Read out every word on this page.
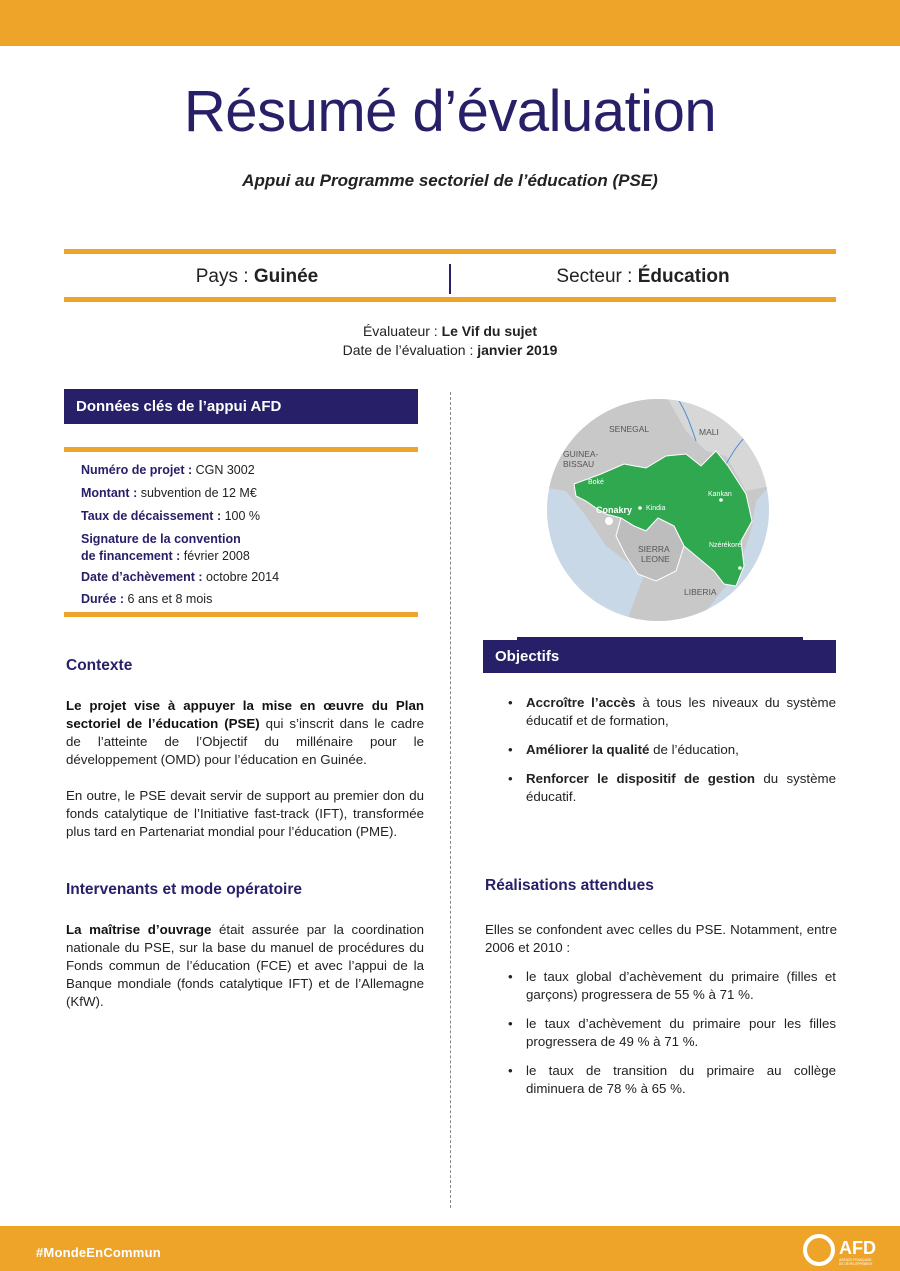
Résumé d’évaluation
Appui au Programme sectoriel de l’éducation (PSE)
Pays : Guinée	Secteur : Éducation
Évaluateur : Le Vif du sujet
Date de l’évaluation : janvier 2019
Données clés de l’appui AFD
Numéro de projet : CGN 3002
Montant : subvention de 12 M€
Taux de décaissement : 100 %
Signature de la convention
de financement : février 2008
Date d’achèvement : octobre 2014
Durée : 6 ans et 8 mois
Contexte
Le projet vise à appuyer la mise en œuvre du Plan sectoriel de l’éducation (PSE) qui s’inscrit dans le cadre de l’atteinte de l’Objectif du millénaire pour le développement (OMD) pour l’éducation en Guinée.
En outre, le PSE devait servir de support au premier don du fonds catalytique de l’Initiative fast-track (IFT), transformée plus tard en Partenariat mondial pour l’éducation (PME).
Intervenants et mode opératoire
La maîtrise d’ouvrage était assurée par la coordination nationale du PSE, sur la base du manuel de procédures du Fonds commun de l’éducation (FCE) et avec l’appui de la Banque mondiale (fonds catalytique IFT) et de l’Allemagne (KfW).
SENEGAL	MALI
GUINEA-
BISSAU
SIERRA
LEONE
LIBERIA
Boké
Conakry Kindia
Kankan
Nzérékoré
Objectifs
• Accroître l’accès à tous les niveaux du système éducatif et de formation,
• Améliorer la qualité de l’éducation,
• Renforcer le dispositif de gestion du système éducatif.
Réalisations attendues
Elles se confondent avec celles du PSE. Notamment, entre 2006 et 2010 :
• le taux global d’achèvement du primaire (filles et garçons) progressera de 55 % à 71 %.
• le taux d’achèvement du primaire pour les filles progressera de 49 % à 71 %.
• le taux de transition du primaire au collège diminuera de 78 % à 65 %.
#MondeEnCommun	AFD
AGENCE FRANÇAISE
DE DÉVELOPPEMENT
